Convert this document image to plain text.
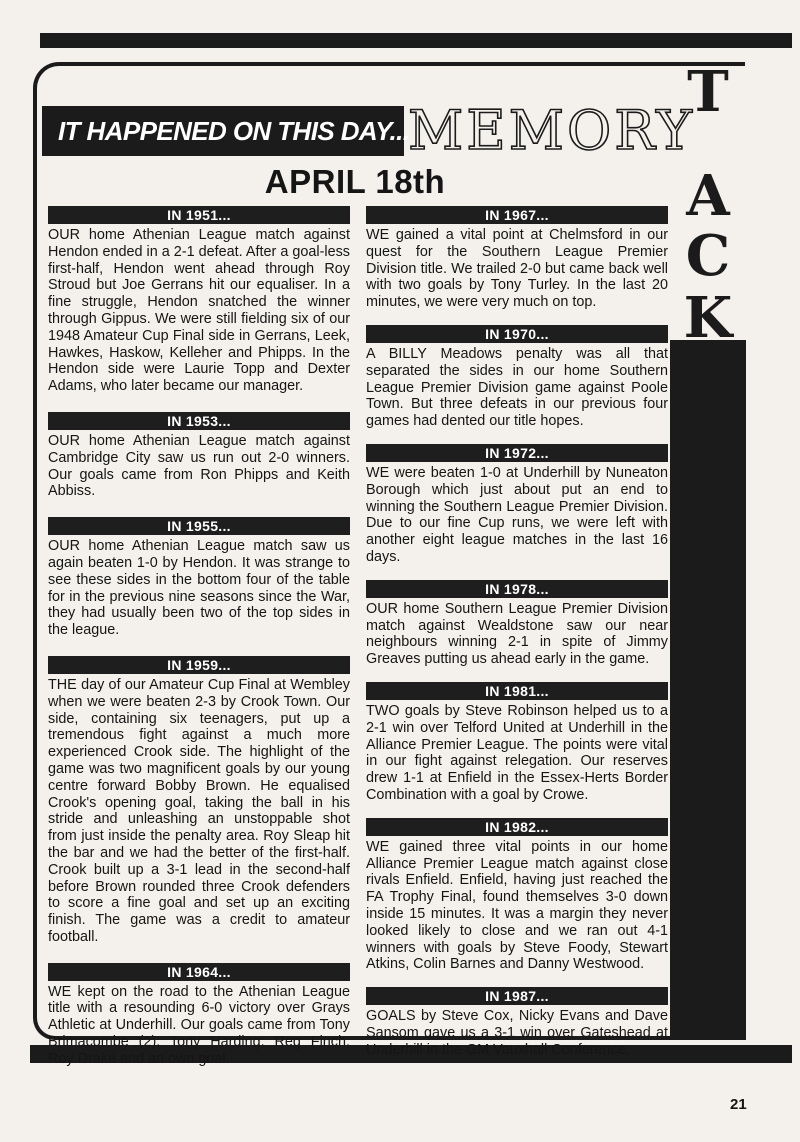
IT HAPPENED ON THIS DAY...
MEMORY
T
A
C
K
APRIL 18th
IN 1951...

OUR home Athenian League match against Hendon ended in a 2-1 defeat. After a goal-less first-half, Hendon went ahead through Roy Stroud but Joe Gerrans hit our equaliser. In a fine struggle, Hendon snatched the winner through Gippus. We were still fielding six of our 1948 Amateur Cup Final side in Gerrans, Leek, Hawkes, Haskow, Kelleher and Phipps. In the Hendon side were Laurie Topp and Dexter Adams, who later became our manager.

IN 1953...

OUR home Athenian League match against Cambridge City saw us run out 2-0 winners. Our goals came from Ron Phipps and Keith Abbiss.

IN 1955...

OUR home Athenian League match saw us again beaten 1-0 by Hendon. It was strange to see these sides in the bottom four of the table for in the previous nine seasons since the War, they had usually been two of the top sides in the league.

IN 1959...

THE day of our Amateur Cup Final at Wembley when we were beaten 2-3 by Crook Town. Our side, containing six teenagers, put up a tremendous fight against a much more experienced Crook side. The highlight of the game was two magnificent goals by our young centre forward Bobby Brown. He equalised Crook's opening goal, taking the ball in his stride and unleashing an unstoppable shot from just inside the penalty area. Roy Sleap hit the bar and we had the better of the first-half. Crook built up a 3-1 lead in the second-half before Brown rounded three Crook defenders to score a fine goal and set up an exciting finish. The game was a credit to amateur football.

IN 1964...

WE kept on the road to the Athenian League title with a resounding 6-0 victory over Grays Athletic at Underhill. Our goals came from Tony Brimacombe (2), Tony Harding, Reg Finch, Roy Drake and an own goal.

IN 1967...

WE gained a vital point at Chelmsford in our quest for the Southern League Premier Division title. We trailed 2-0 but came back well with two goals by Tony Turley. In the last 20 minutes, we were very much on top.

IN 1970...

A BILLY Meadows penalty was all that separated the sides in our home Southern League Premier Division game against Poole Town. But three defeats in our previous four games had dented our title hopes.

IN 1972...

WE were beaten 1-0 at Underhill by Nuneaton Borough which just about put an end to winning the Southern League Premier Division. Due to our fine Cup runs, we were left with another eight league matches in the last 16 days.

IN 1978...

OUR home Southern League Premier Division match against Wealdstone saw our near neighbours winning 2-1 in spite of Jimmy Greaves putting us ahead early in the game.

IN 1981...

TWO goals by Steve Robinson helped us to a 2-1 win over Telford United at Underhill in the Alliance Premier League. The points were vital in our fight against relegation. Our reserves drew 1-1 at Enfield in the Essex-Herts Border Combination with a goal by Crowe.

IN 1982...

WE gained three vital points in our home Alliance Premier League match against close rivals Enfield. Enfield, having just reached the FA Trophy Final, found themselves 3-0 down inside 15 minutes. It was a margin they never looked likely to close and we ran out 4-1 winners with goals by Steve Foody, Stewart Atkins, Colin Barnes and Danny Westwood.

IN 1987...

GOALS by Steve Cox, Nicky Evans and Dave Sansom gave us a 3-1 win over Gateshead at Underhill in the GM Vauxhall Conference.

21
